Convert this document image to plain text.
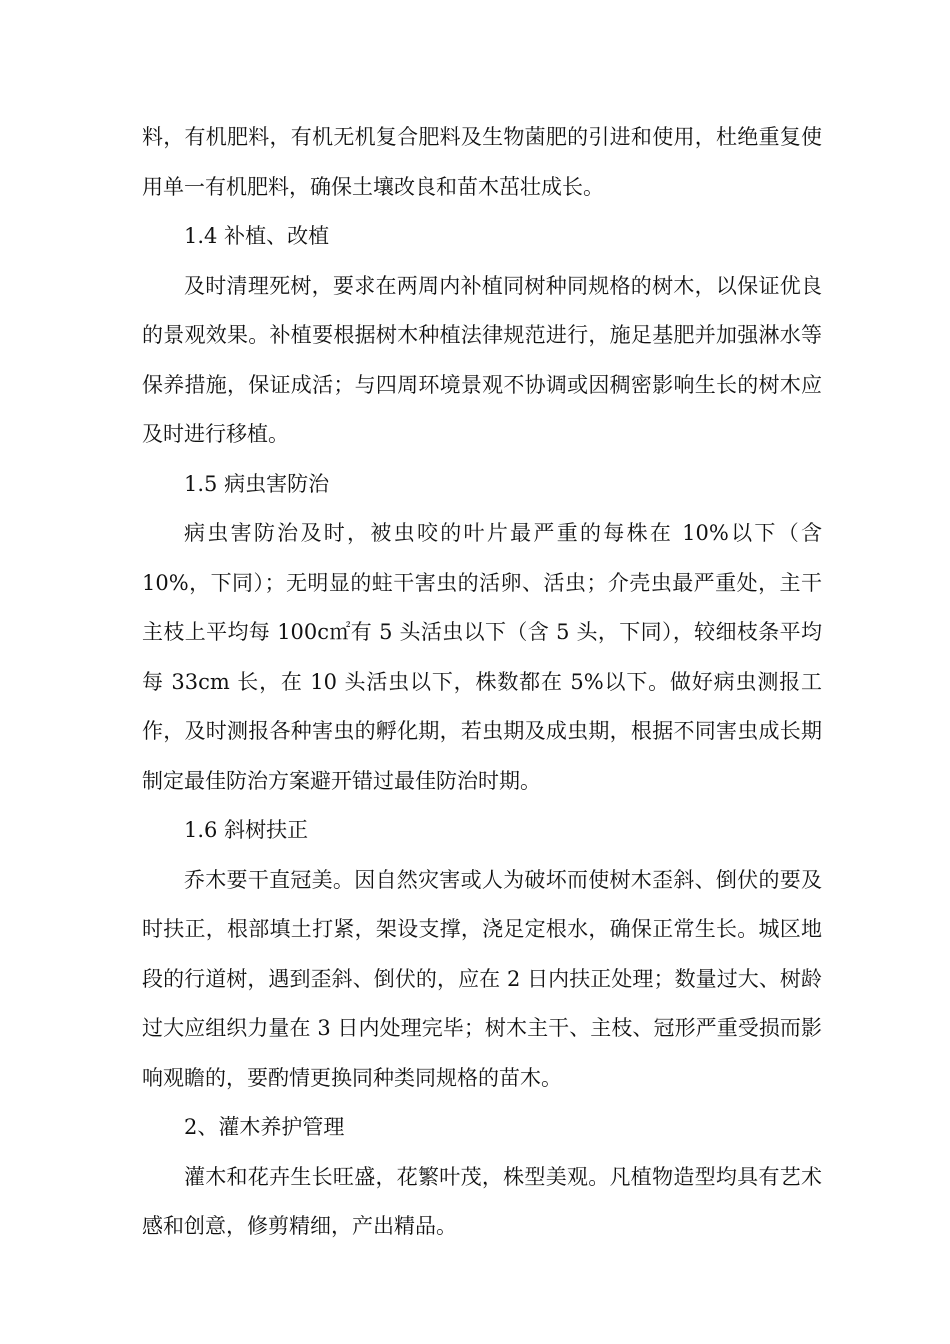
料，有机肥料，有机无机复合肥料及生物菌肥的引进和使用，杜绝重复使用单一有机肥料，确保土壤改良和苗木茁壮成长。

1.4 补植、改植

及时清理死树，要求在两周内补植同树种同规格的树木，以保证优良的景观效果。补植要根据树木种植法律规范进行，施足基肥并加强淋水等保养措施，保证成活；与四周环境景观不协调或因稠密影响生长的树木应及时进行移植。

1.5 病虫害防治

病虫害防治及时，被虫咬的叶片最严重的每株在 10%以下（含 10%，下同）；无明显的蛀干害虫的活卵、活虫；介壳虫最严重处，主干主枝上平均每 100c㎡有 5 头活虫以下（含 5 头，下同），较细枝条平均每 33cm 长，在 10 头活虫以下，株数都在 5%以下。做好病虫测报工作，及时测报各种害虫的孵化期，若虫期及成虫期，根据不同害虫成长期制定最佳防治方案避开错过最佳防治时期。

1.6 斜树扶正

乔木要干直冠美。因自然灾害或人为破坏而使树木歪斜、倒伏的要及时扶正，根部填土打紧，架设支撑，浇足定根水，确保正常生长。城区地段的行道树，遇到歪斜、倒伏的，应在 2 日内扶正处理；数量过大、树龄过大应组织力量在 3 日内处理完毕；树木主干、主枝、冠形严重受损而影响观瞻的，要酌情更换同种类同规格的苗木。

2、灌木养护管理

灌木和花卉生长旺盛，花繁叶茂，株型美观。凡植物造型均具有艺术感和创意，修剪精细，产出精品。
